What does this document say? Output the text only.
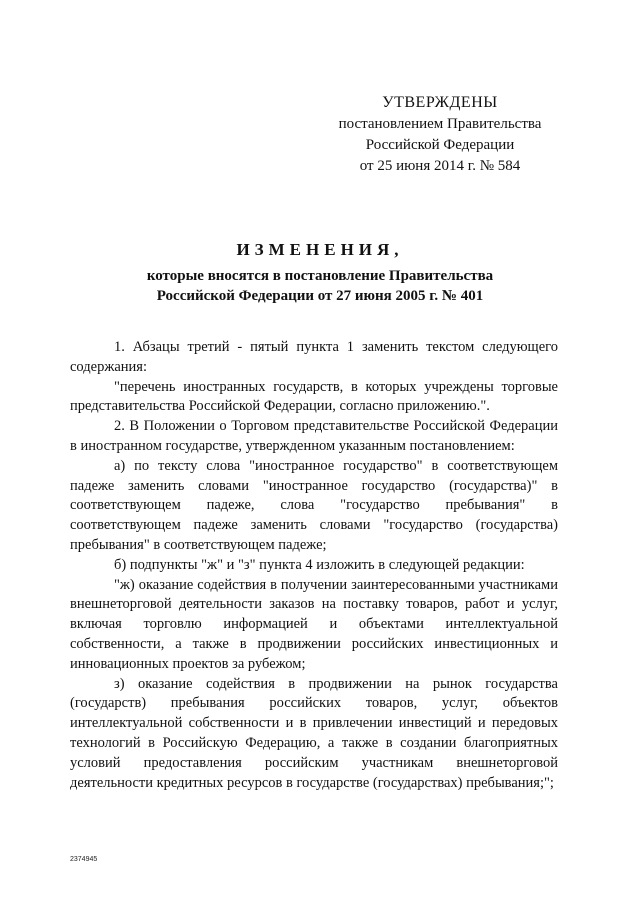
УТВЕРЖДЕНЫ
постановлением Правительства
Российской Федерации
от 25 июня 2014 г. № 584
ИЗМЕНЕНИЯ,
которые вносятся в постановление Правительства
Российской Федерации от 27 июня 2005 г. № 401

1. Абзацы третий - пятый пункта 1 заменить текстом следующего содержания:

"перечень иностранных государств, в которых учреждены торговые представительства Российской Федерации, согласно приложению.".

2. В Положении о Торговом представительстве Российской Федерации в иностранном государстве, утвержденном указанным постановлением:

а) по тексту слова "иностранное государство" в соответствующем падеже заменить словами "иностранное государство (государства)" в соответствующем падеже, слова "государство пребывания" в соответствующем падеже заменить словами "государство (государства) пребывания" в соответствующем падеже;

б) подпункты "ж" и "з" пункта 4 изложить в следующей редакции:

"ж) оказание содействия в получении заинтересованными участниками внешнеторговой деятельности заказов на поставку товаров, работ и услуг, включая торговлю информацией и объектами интеллектуальной собственности, а также в продвижении российских инвестиционных и инновационных проектов за рубежом;

з) оказание содействия в продвижении на рынок государства (государств) пребывания российских товаров, услуг, объектов интеллектуальной собственности и в привлечении инвестиций и передовых технологий в Российскую Федерацию, а также в создании благоприятных условий предоставления российским участникам внешнеторговой деятельности кредитных ресурсов в государстве (государствах) пребывания;";

2374945
